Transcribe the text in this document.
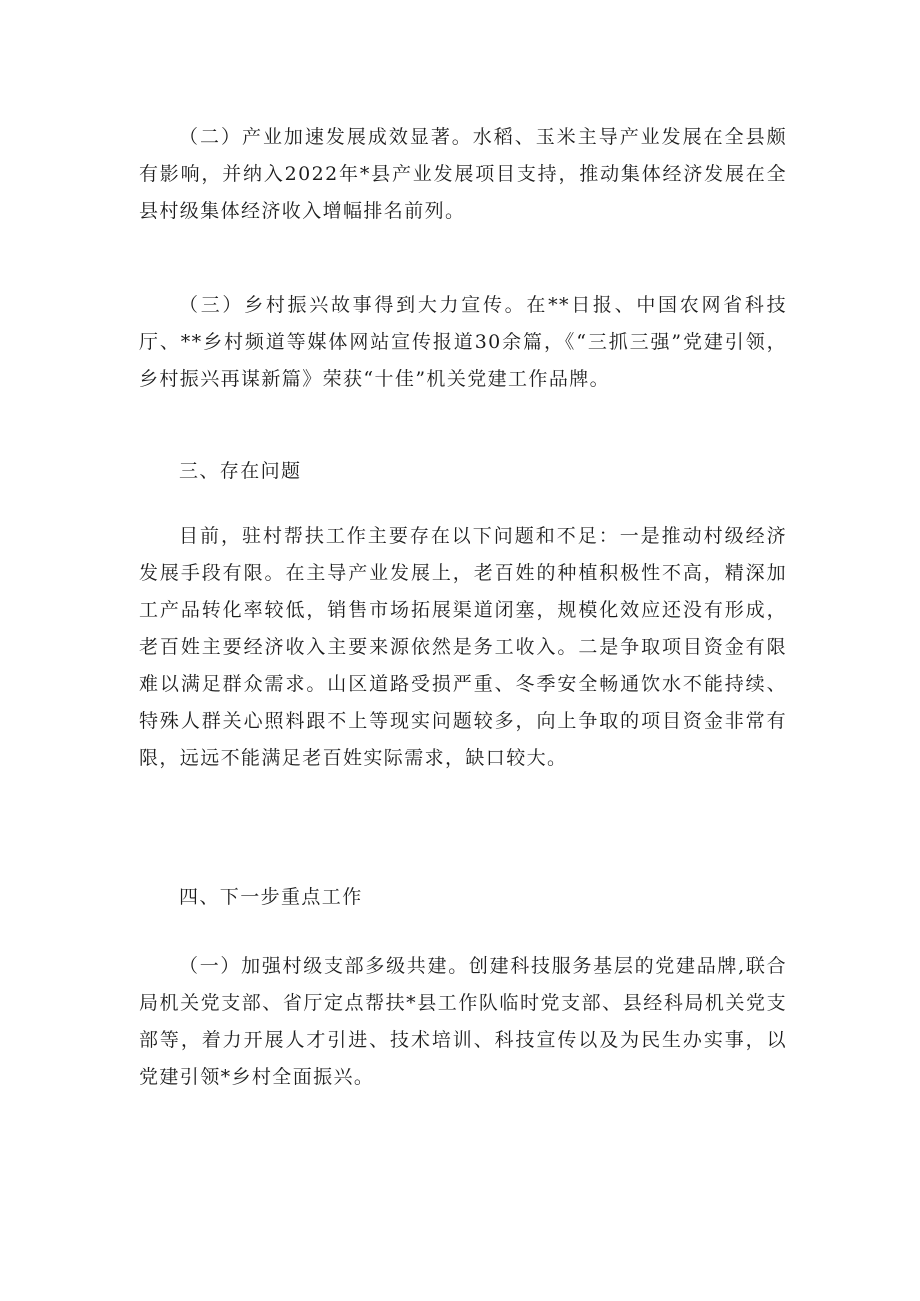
（二）产业加速发展成效显著。水稻、玉米主导产业发展在全县颇有影响，并纳入2022年*县产业发展项目支持，推动集体经济发展在全县村级集体经济收入增幅排名前列。

（三）乡村振兴故事得到大力宣传。在**日报、中国农网省科技厅、**乡村频道等媒体网站宣传报道30余篇，《“三抓三强”党建引领，乡村振兴再谋新篇》荣获“十佳”机关党建工作品牌。

三、存在问题

目前，驻村帮扶工作主要存在以下问题和不足：一是推动村级经济发展手段有限。在主导产业发展上，老百姓的种植积极性不高，精深加工产品转化率较低，销售市场拓展渠道闭塞，规模化效应还没有形成，老百姓主要经济收入主要来源依然是务工收入。二是争取项目资金有限难以满足群众需求。山区道路受损严重、冬季安全畅通饮水不能持续、特殊人群关心照料跟不上等现实问题较多，向上争取的项目资金非常有限，远远不能满足老百姓实际需求，缺口较大。

四、下一步重点工作

（一）加强村级支部多级共建。创建科技服务基层的党建品牌,联合局机关党支部、省厅定点帮扶*县工作队临时党支部、县经科局机关党支部等，着力开展人才引进、技术培训、科技宣传以及为民生办实事，以党建引领*乡村全面振兴。
